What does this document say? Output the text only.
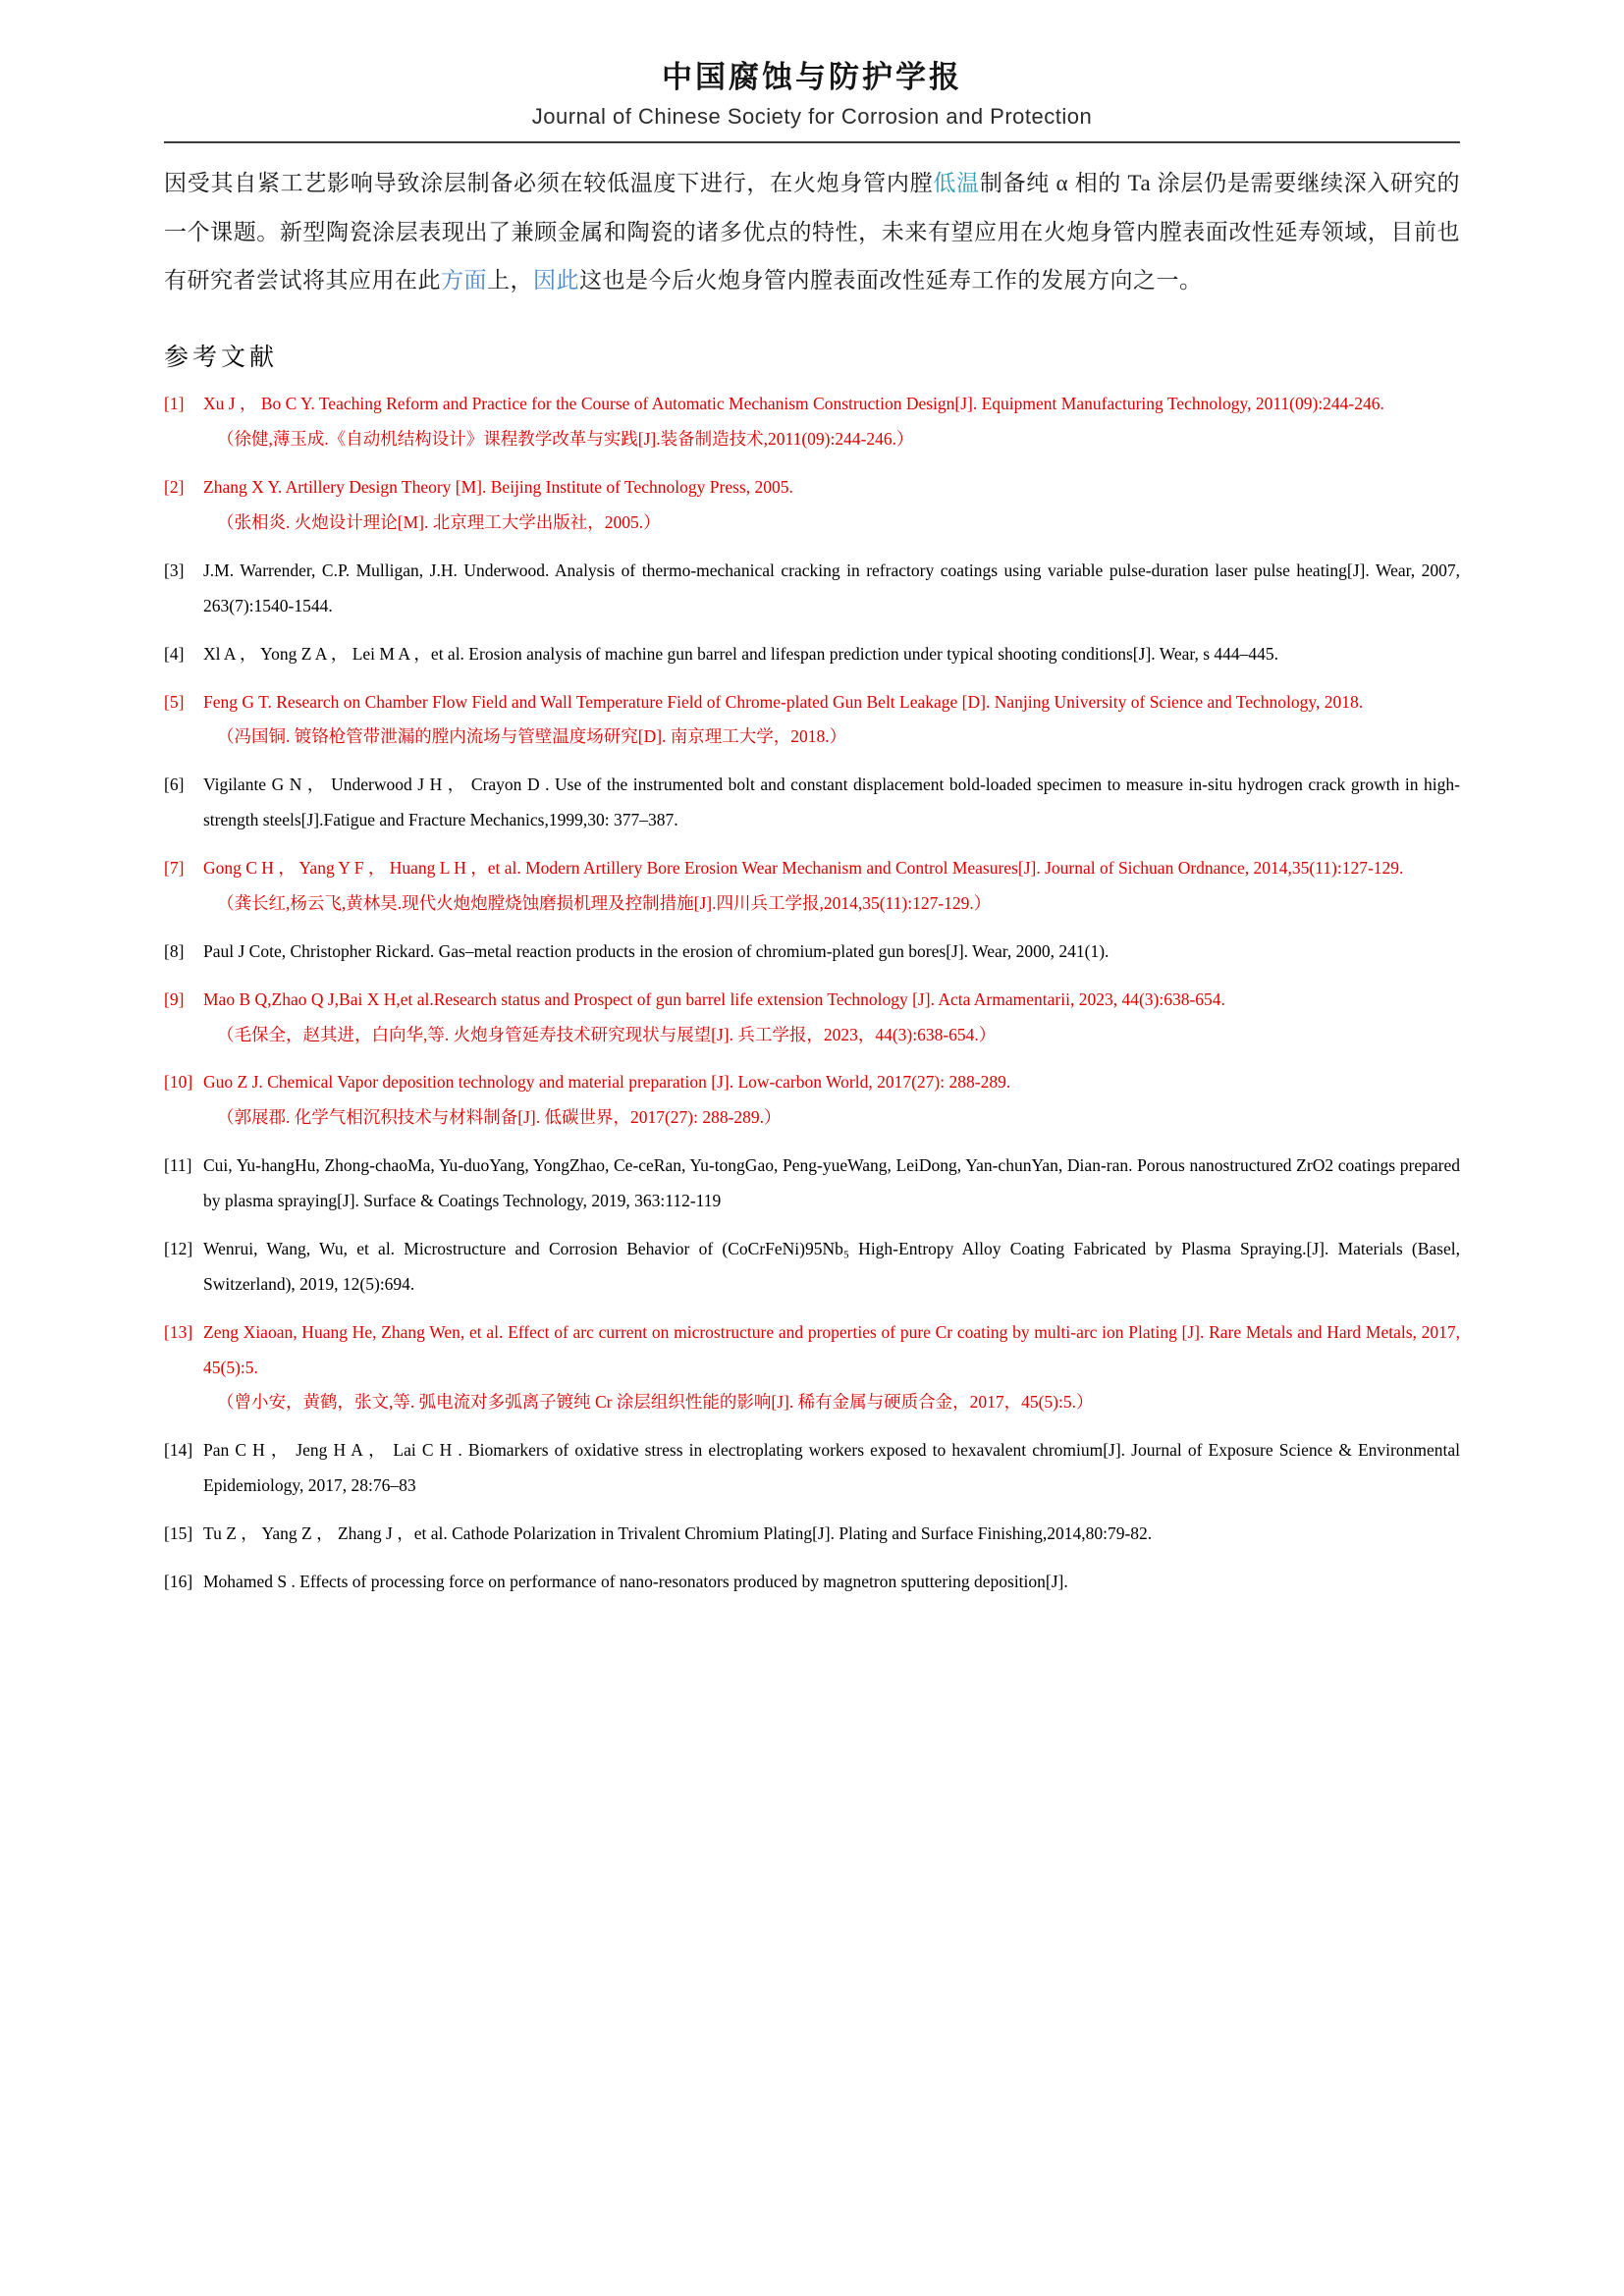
中国腐蚀与防护学报
Journal of Chinese Society for Corrosion and Protection

因受其自紧工艺影响导致涂层制备必须在较低温度下进行，在火炮身管内膛低温制备纯 α 相的 Ta 涂层仍是需要继续深入研究的一个课题。新型陶瓷涂层表现出了兼顾金属和陶瓷的诸多优点的特性，未来有望应用在火炮身管内膛表面改性延寿领域，目前也有研究者尝试将其应用在此方面上，因此这也是今后火炮身管内膛表面改性延寿工作的发展方向之一。

参考文献
[1] Xu J ， Bo C Y. Teaching Reform and Practice for the Course of Automatic Mechanism Construction Design[J]. Equipment Manufacturing Technology, 2011(09):244-246.
（徐健,薄玉成.《自动机结构设计》课程教学改革与实践[J].装备制造技术,2011(09):244-246.）
[2] Zhang X Y. Artillery Design Theory [M]. Beijing Institute of Technology Press, 2005.
（张相炎. 火炮设计理论[M]. 北京理工大学出版社，2005.）
[3] J.M. Warrender, C.P. Mulligan, J.H. Underwood. Analysis of thermo-mechanical cracking in refractory coatings using variable pulse-duration laser pulse heating[J]. Wear, 2007, 263(7):1540-1544.
[4] Xl A ， Yong Z A ， Lei M A ，et al. Erosion analysis of machine gun barrel and lifespan prediction under typical shooting conditions[J]. Wear, s 444–445.
[5] Feng G T. Research on Chamber Flow Field and Wall Temperature Field of Chrome-plated Gun Belt Leakage [D]. Nanjing University of Science and Technology, 2018.
（冯国铜. 镀铬枪管带泄漏的膛内流场与管壁温度场研究[D]. 南京理工大学，2018.）
[6] Vigilante G N ， Underwood J H ， Crayon D . Use of the instrumented bolt and constant displacement bold-loaded specimen to measure in-situ hydrogen crack growth in high-strength steels[J].Fatigue and Fracture Mechanics,1999,30: 377–387.
[7] Gong C H ， Yang Y F ， Huang L H ，et al. Modern Artillery Bore Erosion Wear Mechanism and Control Measures[J]. Journal of Sichuan Ordnance, 2014,35(11):127-129.
（龚长红,杨云飞,黄林昊.现代火炮炮膛烧蚀磨损机理及控制措施[J].四川兵工学报,2014,35(11):127-129.）
[8] Paul J Cote, Christopher Rickard. Gas–metal reaction products in the erosion of chromium-plated gun bores[J]. Wear, 2000, 241(1).
[9] Mao B Q,Zhao Q J,Bai X H,et al.Research status and Prospect of gun barrel life extension Technology [J]. Acta Armamentarii, 2023, 44(3):638-654.
（毛保全，赵其进，白向华,等. 火炮身管延寿技术研究现状与展望[J]. 兵工学报，2023，44(3):638-654.）
[10] Guo Z J. Chemical Vapor deposition technology and material preparation [J]. Low-carbon World, 2017(27): 288-289.
（郭展郡. 化学气相沉积技术与材料制备[J]. 低碳世界，2017(27): 288-289.）
[11] Cui, Yu-hangHu, Zhong-chaoMa, Yu-duoYang, YongZhao, Ce-ceRan, Yu-tongGao, Peng-yueWang, LeiDong, Yan-chunYan, Dian-ran. Porous nanostructured ZrO2 coatings prepared by plasma spraying[J]. Surface & Coatings Technology, 2019, 363:112-119
[12] Wenrui, Wang, Wu, et al. Microstructure and Corrosion Behavior of (CoCrFeNi)95Nb₅ High-Entropy Alloy Coating Fabricated by Plasma Spraying.[J]. Materials (Basel, Switzerland), 2019, 12(5):694.
[13] Zeng Xiaoan, Huang He, Zhang Wen, et al. Effect of arc current on microstructure and properties of pure Cr coating by multi-arc ion Plating [J]. Rare Metals and Hard Metals, 2017, 45(5):5.
（曾小安，黄鹤，张文,等. 弧电流对多弧离子镀纯 Cr 涂层组织性能的影响[J]. 稀有金属与硬质合金，2017，45(5):5.）
[14] Pan C H ， Jeng H A ， Lai C H . Biomarkers of oxidative stress in electroplating workers exposed to hexavalent chromium[J]. Journal of Exposure Science & Environmental Epidemiology, 2017, 28:76–83
[15] Tu Z ， Yang Z ， Zhang J ，et al. Cathode Polarization in Trivalent Chromium Plating[J]. Plating and Surface Finishing,2014,80:79-82.
[16] Mohamed S . Effects of processing force on performance of nano-resonators produced by magnetron sputtering deposition[J].
